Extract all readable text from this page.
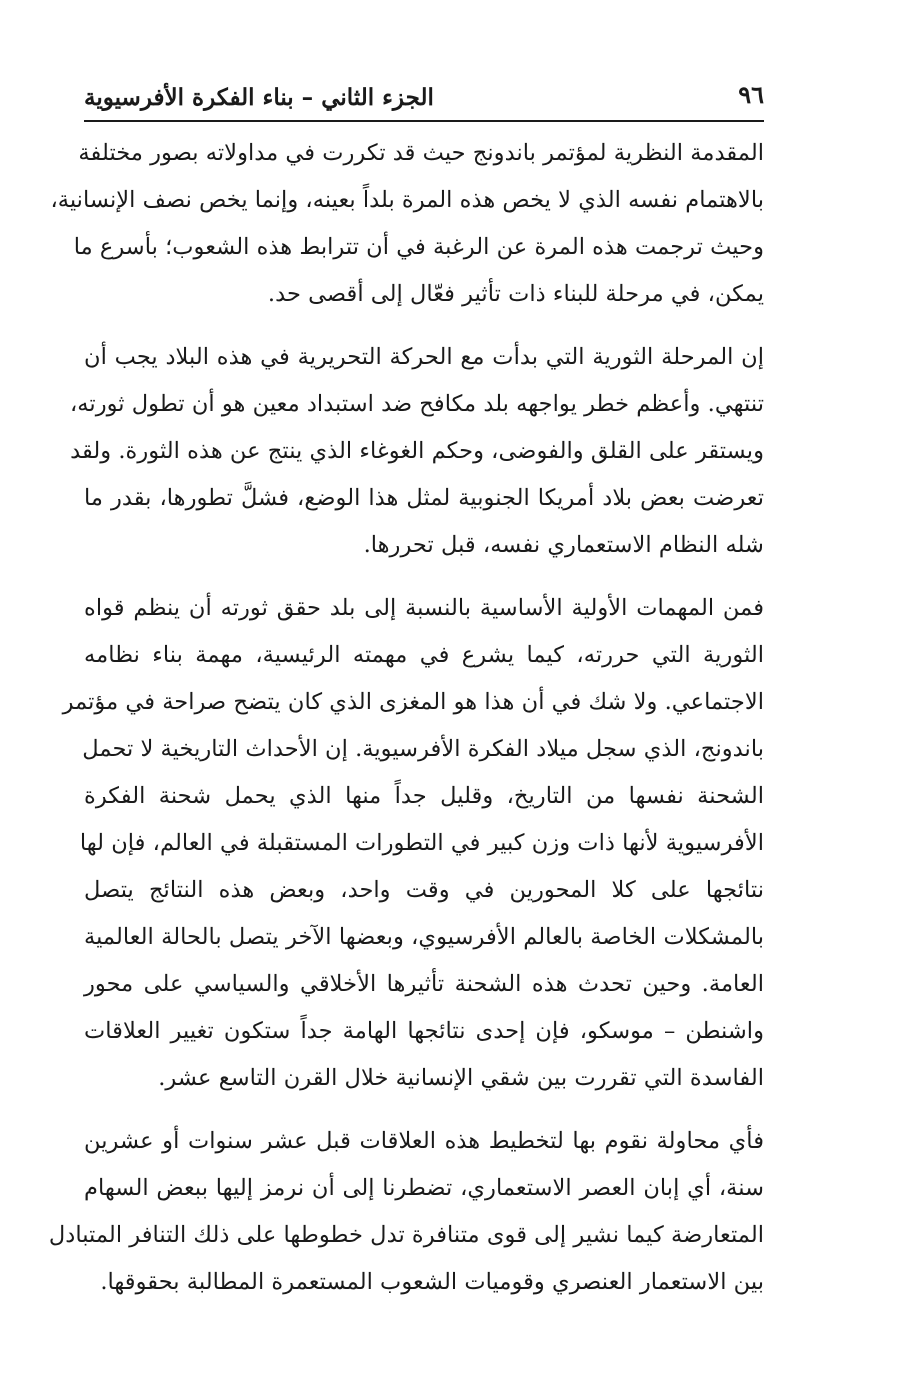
٩٦
الجزء الثاني – بناء الفكرة الأفرسيوية

المقدمة النظرية لمؤتمر باندونج حيث قد تكررت في مداولاته بصور مختلفة
بالاهتمام نفسه الذي لا يخص هذه المرة بلداً بعينه، وإنما يخص نصف الإنسانية،
وحيث ترجمت هذه المرة عن الرغبة في أن تترابط هذه الشعوب؛ بأسرع ما
يمكن، في مرحلة للبناء ذات تأثير فعّال إلى أقصى حد.

إن المرحلة الثورية التي بدأت مع الحركة التحريرية في هذه البلاد يجب أن
تنتهي. وأعظم خطر يواجهه بلد مكافح ضد استبداد معين هو أن تطول ثورته،
ويستقر على القلق والفوضى، وحكم الغوغاء الذي ينتج عن هذه الثورة. ولقد
تعرضت بعض بلاد أمريكا الجنوبية لمثل هذا الوضع، فشلَّ تطورها، بقدر ما
شله النظام الاستعماري نفسه، قبل تحررها.

فمن المهمات الأولية الأساسية بالنسبة إلى بلد حقق ثورته أن ينظم قواه
الثورية التي حررته، كيما يشرع في مهمته الرئيسية، مهمة بناء نظامه
الاجتماعي. ولا شك في أن هذا هو المغزى الذي كان يتضح صراحة في مؤتمر
باندونج، الذي سجل ميلاد الفكرة الأفرسيوية. إن الأحداث التاريخية لا تحمل
الشحنة نفسها من التاريخ، وقليل جداً منها الذي يحمل شحنة الفكرة
الأفرسيوية لأنها ذات وزن كبير في التطورات المستقبلة في العالم، فإن لها
نتائجها على كلا المحورين في وقت واحد، وبعض هذه النتائج يتصل
بالمشكلات الخاصة بالعالم الأفرسيوي، وبعضها الآخر يتصل بالحالة العالمية
العامة. وحين تحدث هذه الشحنة تأثيرها الأخلاقي والسياسي على محور
واشنطن – موسكو، فإن إحدى نتائجها الهامة جداً ستكون تغيير العلاقات
الفاسدة التي تقررت بين شقي الإنسانية خلال القرن التاسع عشر.

فأي محاولة نقوم بها لتخطيط هذه العلاقات قبل عشر سنوات أو عشرين
سنة، أي إبان العصر الاستعماري، تضطرنا إلى أن نرمز إليها ببعض السهام
المتعارضة كيما نشير إلى قوى متنافرة تدل خطوطها على ذلك التنافر المتبادل
بين الاستعمار العنصري وقوميات الشعوب المستعمرة المطالبة بحقوقها.
